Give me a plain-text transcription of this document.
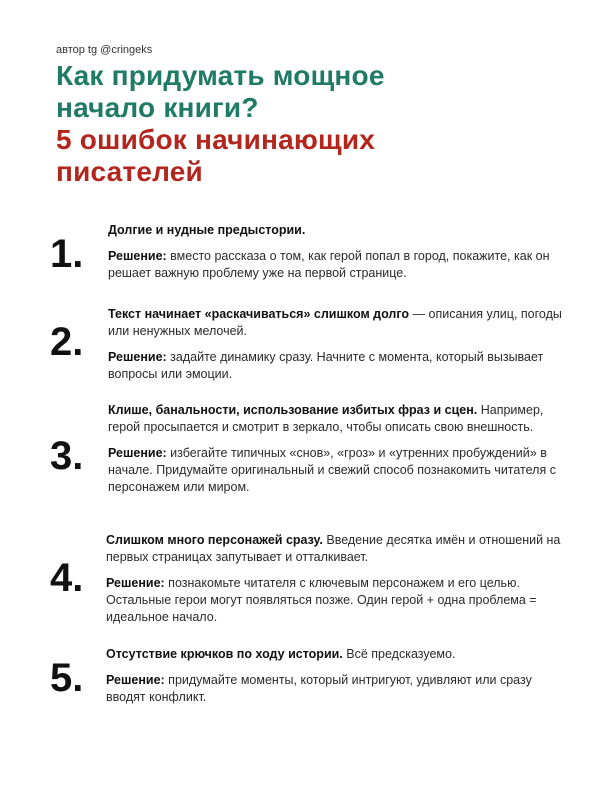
автор tg @cringeks
Как придумать мощное
начало книги?
5 ошибок начинающих
писателей
1.

Долгие и нудные предыстории.

Решение: вместо рассказа о том, как герой попал в город, покажите, как он решает важную проблему уже на первой странице.

2.

Текст начинает «раскачиваться» слишком долго — описания улиц, погоды или ненужных мелочей.

Решение: задайте динамику сразу. Начните с момента, который вызывает вопросы или эмоции.

3.

Клише, банальности, использование избитых фраз и сцен. Например, герой просыпается и смотрит в зеркало, чтобы описать свою внешность.

Решение: избегайте типичных «снов», «гроз» и «утренних пробуждений» в начале. Придумайте оригинальный и свежий способ познакомить читателя с персонажем или миром.

4.

Слишком много персонажей сразу. Введение десятка имён и отношений на первых страницах запутывает и отталкивает.

Решение: познакомьте читателя с ключевым персонажем и его целью. Остальные герои могут появляться позже. Один герой + одна проблема = идеальное начало.

5.

Отсутствие крючков по ходу истории. Всё предсказуемо.

Решение: придумайте моменты, который интригуют, удивляют или сразу вводят конфликт.
